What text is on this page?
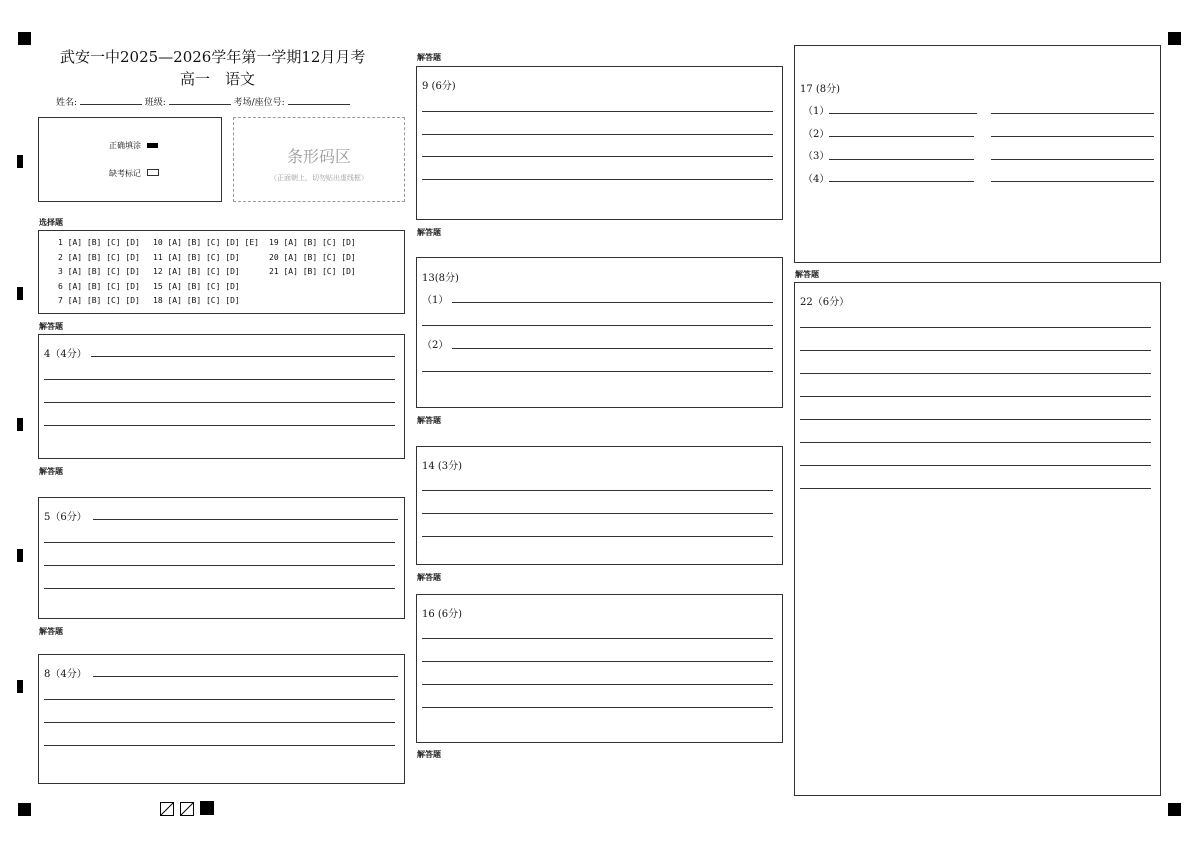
武安一中2025—2026学年第一学期12月月考
高一　语文
姓名:	班级:	考场/座位号:
正确填涂
缺考标记
条形码区
（正面朝上，切勿贴出虚线框）
选择题
1 [A] [B] [C] [D]
2 [A] [B] [C] [D]
3 [A] [B] [C] [D]
6 [A] [B] [C] [D]
7 [A] [B] [C] [D]
10 [A] [B] [C] [D] [E]
11 [A] [B] [C] [D]
12 [A] [B] [C] [D]
15 [A] [B] [C] [D]
18 [A] [B] [C] [D]
19 [A] [B] [C] [D]
20 [A] [B] [C] [D]
21 [A] [B] [C] [D]
解答题
4（4分）
解答题
5（6分）
解答题
8（4分）
解答题
9 (6分)
解答题
13(8分)
（1）
（2）
解答题
14 (3分)
解答题
16 (6分)
解答题
17 (8分)
（1）
（2）
（3）
（4）
解答题
22（6分）
